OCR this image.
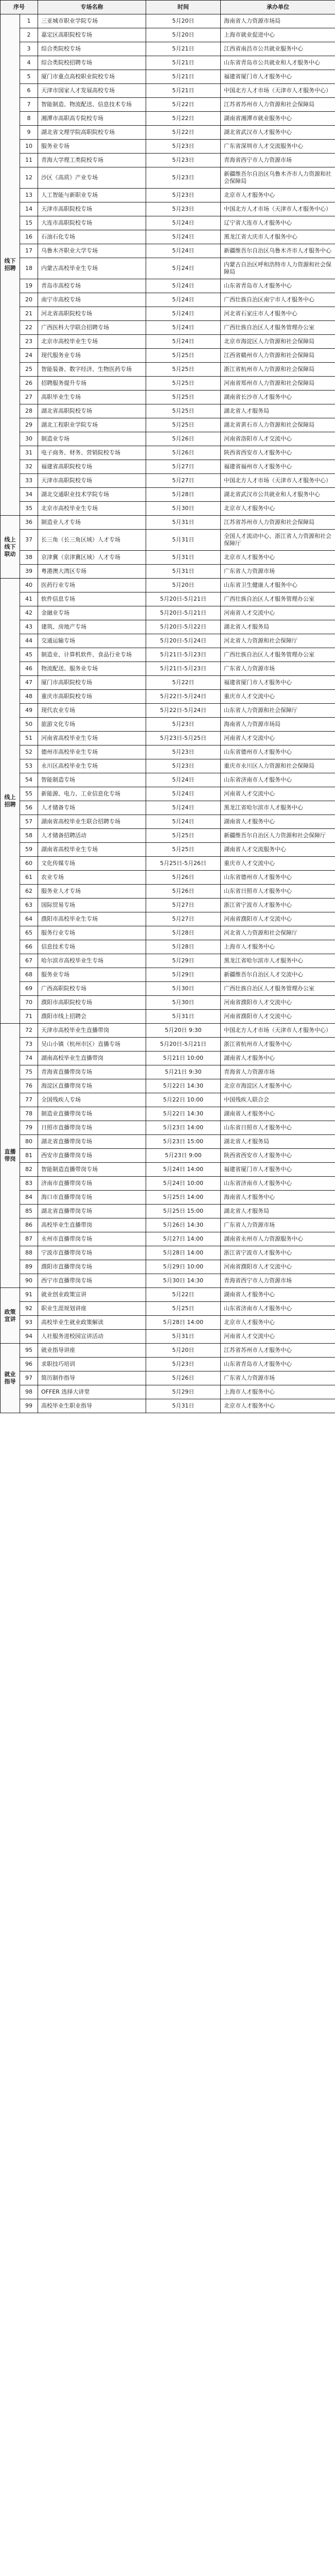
序号		专场名称	时间	承办单位
线下招聘	1	三亚城市职业学院专场	5月20日	海南省人力资源市场局
	2	嘉定区高职院校专场	5月20日	上海市就业促进中心
	3	综合类院校专场	5月21日	江西省南昌市公共就业服务中心
	4	综合类院校招聘专场	5月21日	山东省青岛市公共就业和人才服务中心
	5	厦门市重点高校职业院校专场	5月21日	福建省厦门市人才服务中心
	6	天津市国家人才发展高校专场	5月21日	中国北方人才市场（天津市人才服务中心）
	7	智能制造、物流配送、信息技术专场	5月22日	江苏省苏州市人力资源和社会保障局
	8	湘潭市高职高专院校专场	5月22日	湖南省湘潭市就业服务中心
	9	湖北省文理学院高职院校专场	5月22日	湖北省武汉市人才服务中心
	10	服务业专场	5月23日	广东省深圳市人才交流服务中心
	11	青海大学理工类院校专场	5月23日	青海省西宁市人力资源市场
	12	沙区《高质》产业专场	5月23日	新疆维吾尔自治区乌鲁木齐市人力资源和社会保障局
	13	人工智能与新职业专场	5月23日	北京市人才服务中心
	14	天津市高职院校专场	5月23日	中国北方人才市场（天津市人才服务中心）
	15	大连市高职院校专场	5月24日	辽宁省大连市人才服务中心
	16	石油石化专场	5月24日	黑龙江省大庆市人才服务中心
	17	乌鲁木齐职业大学专场	5月24日	新疆维吾尔自治区乌鲁木齐市人才服务中心
	18	内蒙古高校毕业生专场	5月24日	内蒙古自治区呼和浩特市人力资源和社会保障局
	19	青岛市高校专场	5月24日	山东省青岛市人才服务中心
	20	南宁市高校专场	5月24日	广西壮族自治区南宁市人才服务中心
	21	河北省高职院校专场	5月24日	河北省石家庄市人才服务中心
	22	广西医科大学联合招聘专场	5月24日	广西壮族自治区人才服务管理办公室
	23	北京市高校毕业生专场	5月24日	北京市海淀区人力资源和社会保障局
	24	现代服务业专场	5月25日	江西省赣州市人力资源和社会保障局
	25	智能装备、数字经济、生物医药专场	5月25日	浙江省杭州市人力资源和社会保障局
	26	招聘服务提升专场	5月25日	河南省郑州市人力资源和社会保障局
	27	高职毕业生专场	5月25日	湖南省长沙市人才服务中心
	28	湖北省高职院校专场	5月25日	湖北省人才服务局
	29	湖北工程职业学院专场	5月25日	湖北省黄石市人力资源和社会保障局
	30	制造业专场	5月26日	河南省洛阳市人才交流中心
	31	电子商务、财务、营销院校专场	5月26日	陕西省西安市人才服务中心
	32	福建省高职院校专场	5月27日	福建省福州市人才服务中心
	33	天津市高职院校专场	5月27日	中国北方人才市场（天津市人才服务中心）
	34	湖北交通职业技术学院专场	5月28日	湖北省武汉市公共就业和人才服务中心
	35	北京市高校毕业生专场	5月30日	北京市人才服务中心
线上线下联动	36	制造业人才专场	5月31日	江苏省苏州市人力资源和社会保障局
	37	长三角（长三角区域）人才专场	5月31日	全国人才流动中心、浙江省人力资源和社会保障厅
	38	京津冀（京津冀区域）人才专场	5月31日	北京市人才服务中心
	39	粤港澳大湾区专场	5月31日	广东省人力资源市场
线上招聘	40	医药行业专场	5月20日	山东省卫生健康人才服务中心
	41	软件信息专场	5月20日-5月21日	广西壮族自治区人才服务管理办公室
	42	金融业专场	5月20日-5月21日	河南省人才交流中心
	43	建筑、房地产专场	5月20日-5月22日	湖北省人才服务局
	44	交通运输专场	5月20日-5月24日	河北省人力资源和社会保障厅
	45	制造业、计算机软件、食品行业专场	5月21日-5月23日	广西壮族自治区人才服务管理办公室
	46	物流配送、服务业专场	5月21日-5月23日	广东省人力资源市场
	47	厦门市高职院校专场	5月22日	福建省厦门市人才服务中心
	48	重庆市高职院校专场	5月22日-5月24日	重庆市人才交流中心
	49	现代农业专场	5月22日-5月24日	山东省人力资源和社会保障厅
	50	旅游文化专场	5月23日	海南省人力资源市场局
	51	河南省高校毕业生专场	5月23日-5月25日	河南省人才交流中心
	52	德州市高校毕业生专场	5月23日	山东省德州市人才服务中心
	53	永川区高校毕业生专场	5月23日	重庆市永川区人力资源和社会保障局
	54	智能制造专场	5月24日	山东省济南市人才服务中心
	55	新能源、电力、工业信息化专场	5月24日	河南省人才交流中心
	56	人才储备专场	5月24日	黑龙江省哈尔滨市人才服务中心
	57	湖南省高校毕业生联合招聘专场	5月24日	湖南省人才服务中心
	58	人才储备招聘活动	5月25日	新疆维吾尔自治区人力资源和社会保障厅
	59	湖南省高校毕业生专场	5月25日	湖南省人才交流服务中心
	60	文化传媒专场	5月25日-5月26日	重庆市人才交流中心
	61	农业专场	5月26日	山东省德州市人才服务中心
	62	服务业人才专场	5月26日	山东省日照市人才服务中心
	63	国际贸易专场	5月27日	浙江省宁波市人才服务中心
	64	濮阳市高校毕业生专场	5月27日	河南省濮阳市人才交流中心
	65	服务行业专场	5月28日	河北省人力资源和社会保障厅
	66	信息技术专场	5月28日	上海市人才服务中心
	67	哈尔滨市高校毕业生专场	5月29日	黑龙江省哈尔滨市人才服务中心
	68	服务业专场	5月29日	新疆维吾尔自治区人才交流中心
	69	广西高职院校专场	5月30日	广西壮族自治区人才服务管理办公室
	70	濮阳市高职院校专场	5月30日	河南省濮阳市人才交流中心
	71	濮阳市线上招聘会	5月31日	河南省濮阳市人才交流中心
直播带岗	72	天津市高校毕业生直播带岗	5月20日 9:30	中国北方人才市场（天津市人才服务中心）
	73	吴山小镇（杭州市区）直播专场	5月20日-5月21日	浙江省杭州市人才服务中心
	74	湖南高校毕业生直播带岗	5月21日 10:00	湖南省人才服务中心
	75	青海省直播带岗专场	5月21日 9:30	青海省人力资源市场
	76	海淀区直播带岗专场	5月22日 14:30	北京市海淀区人才服务中心
	77	全国残疾人专场	5月22日 10:00	中国残疾人联合会
	78	制造业直播带岗专场	5月22日 14:30	湖南省人才服务中心
	79	日照市直播带岗专场	5月23日 14:00	山东省日照市人才服务中心
	80	湖北省直播带岗专场	5月23日 15:00	湖北省人才服务局
	81	西安市直播带岗专场	5月23日 9:00	陕西省西安市人才服务中心
	82	智能制造直播带岗专场	5月24日 14:00	福建省厦门市人才服务中心
	83	济南市直播带岗专场	5月24日 10:00	山东省济南市人才服务中心
	84	海口市直播带岗专场	5月25日 14:00	海南省人才服务中心
	85	湖北省直播带岗专场	5月25日 15:00	湖北省人才服务局
	86	高校毕业生直播带岗	5月26日 14:30	广东省人力资源市场
	87	永州市直播带岗专场	5月27日 14:00	湖南省永州市人力资源服务中心
	88	宁波市直播带岗专场	5月28日 14:00	浙江省宁波市人才服务中心
	89	濮阳市直播带岗专场	5月29日 10:00	河南省濮阳市人才交流中心
	90	西宁市直播带岗专场	5月30日 14:30	青海省西宁市人力资源市场
政策宣讲	91	就业创业政策宣讲	5月22日	湖南省人才服务中心
	92	职业生涯规划讲座	5月25日	山东省济南市人才服务中心
	93	高校毕业生就业政策解读	5月28日 14:00	北京市人才服务中心
	94	人社服务进校园宣讲活动	5月31日	河南省人才交流中心
就业指导	95	就业指导讲座	5月20日	江苏省苏州市人才服务中心
	96	求职技巧培训	5月23日	山东省青岛市人才服务中心
	97	简历制作指导	5月26日	广东省人力资源市场
	98	OFFER 选择大讲堂	5月29日	上海市人才服务中心
	99	高校毕业生职业指导	5月31日	北京市人才服务中心
